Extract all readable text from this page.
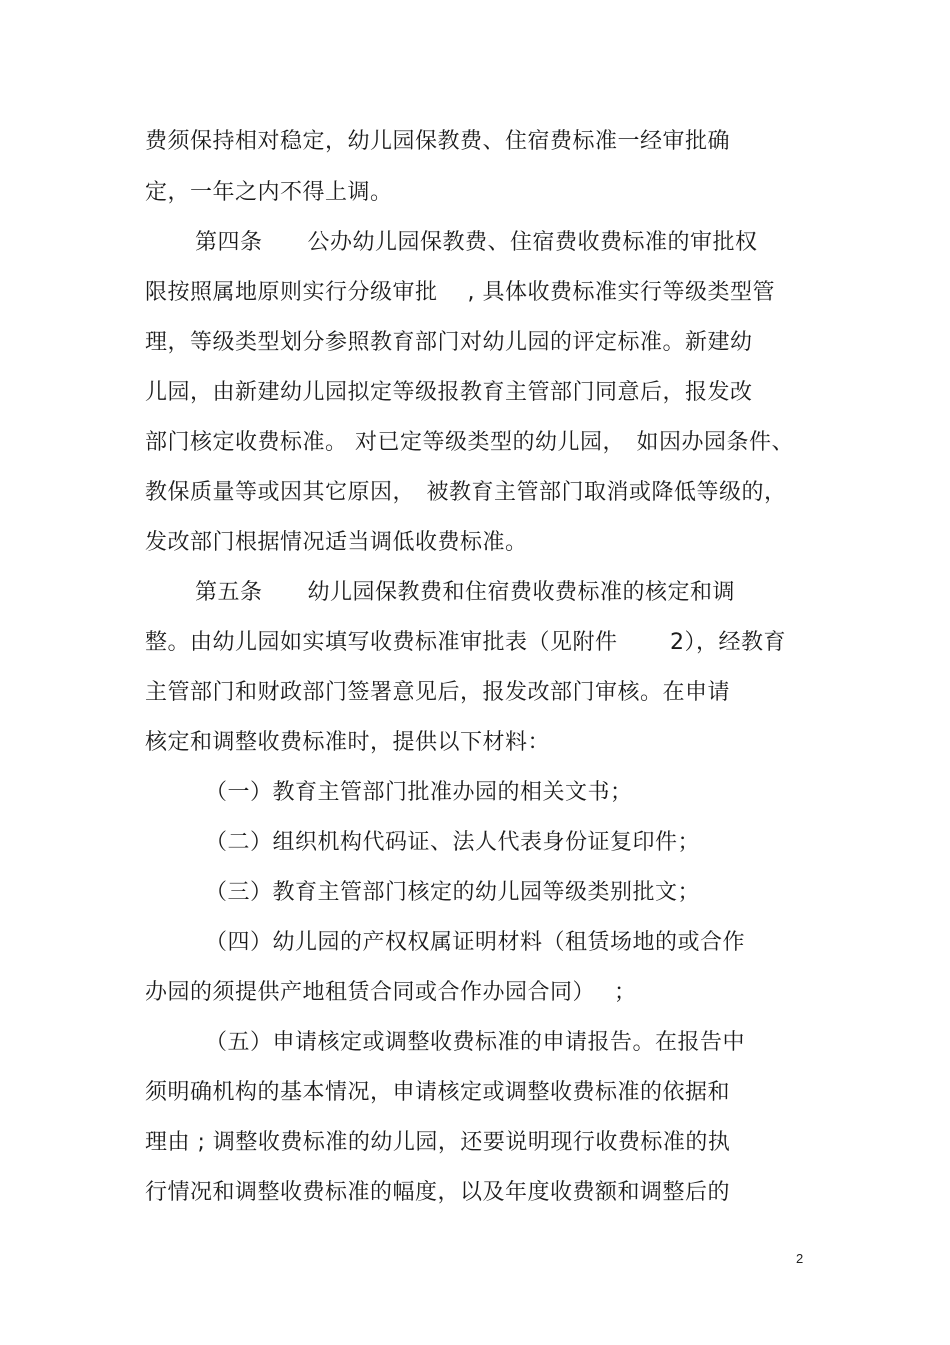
费须保持相对稳定，幼儿园保教费、住宿费标准一经审批确
定，一年之内不得上调。
第四条　　公办幼儿园保教费、住宿费收费标准的审批权
限按照属地原则实行分级审批　 , 具体收费标准实行等级类型管
理，等级类型划分参照教育部门对幼儿园的评定标准。新建幼
儿园，由新建幼儿园拟定等级报教育主管部门同意后，报发改
部门核定收费标准。 对已定等级类型的幼儿园，　如因办园条件、
教保质量等或因其它原因，　被教育主管部门取消或降低等级的，
发改部门根据情况适当调低收费标准。
第五条　　幼儿园保教费和住宿费收费标准的核定和调
整。由幼儿园如实填写收费标准审批表（见附件　　 2），经教育
主管部门和财政部门签署意见后，报发改部门审核。在申请
核定和调整收费标准时，提供以下材料：
（一）教育主管部门批准办园的相关文书；
（二）组织机构代码证、法人代表身份证复印件；
（三）教育主管部门核定的幼儿园等级类别批文；
（四）幼儿园的产权权属证明材料（租赁场地的或合作
办园的须提供产地租赁合同或合作办园合同）　 ；
（五）申请核定或调整收费标准的申请报告。在报告中
须明确机构的基本情况，申请核定或调整收费标准的依据和
理由 ; 调整收费标准的幼儿园，还要说明现行收费标准的执
行情况和调整收费标准的幅度，以及年度收费额和调整后的
2
